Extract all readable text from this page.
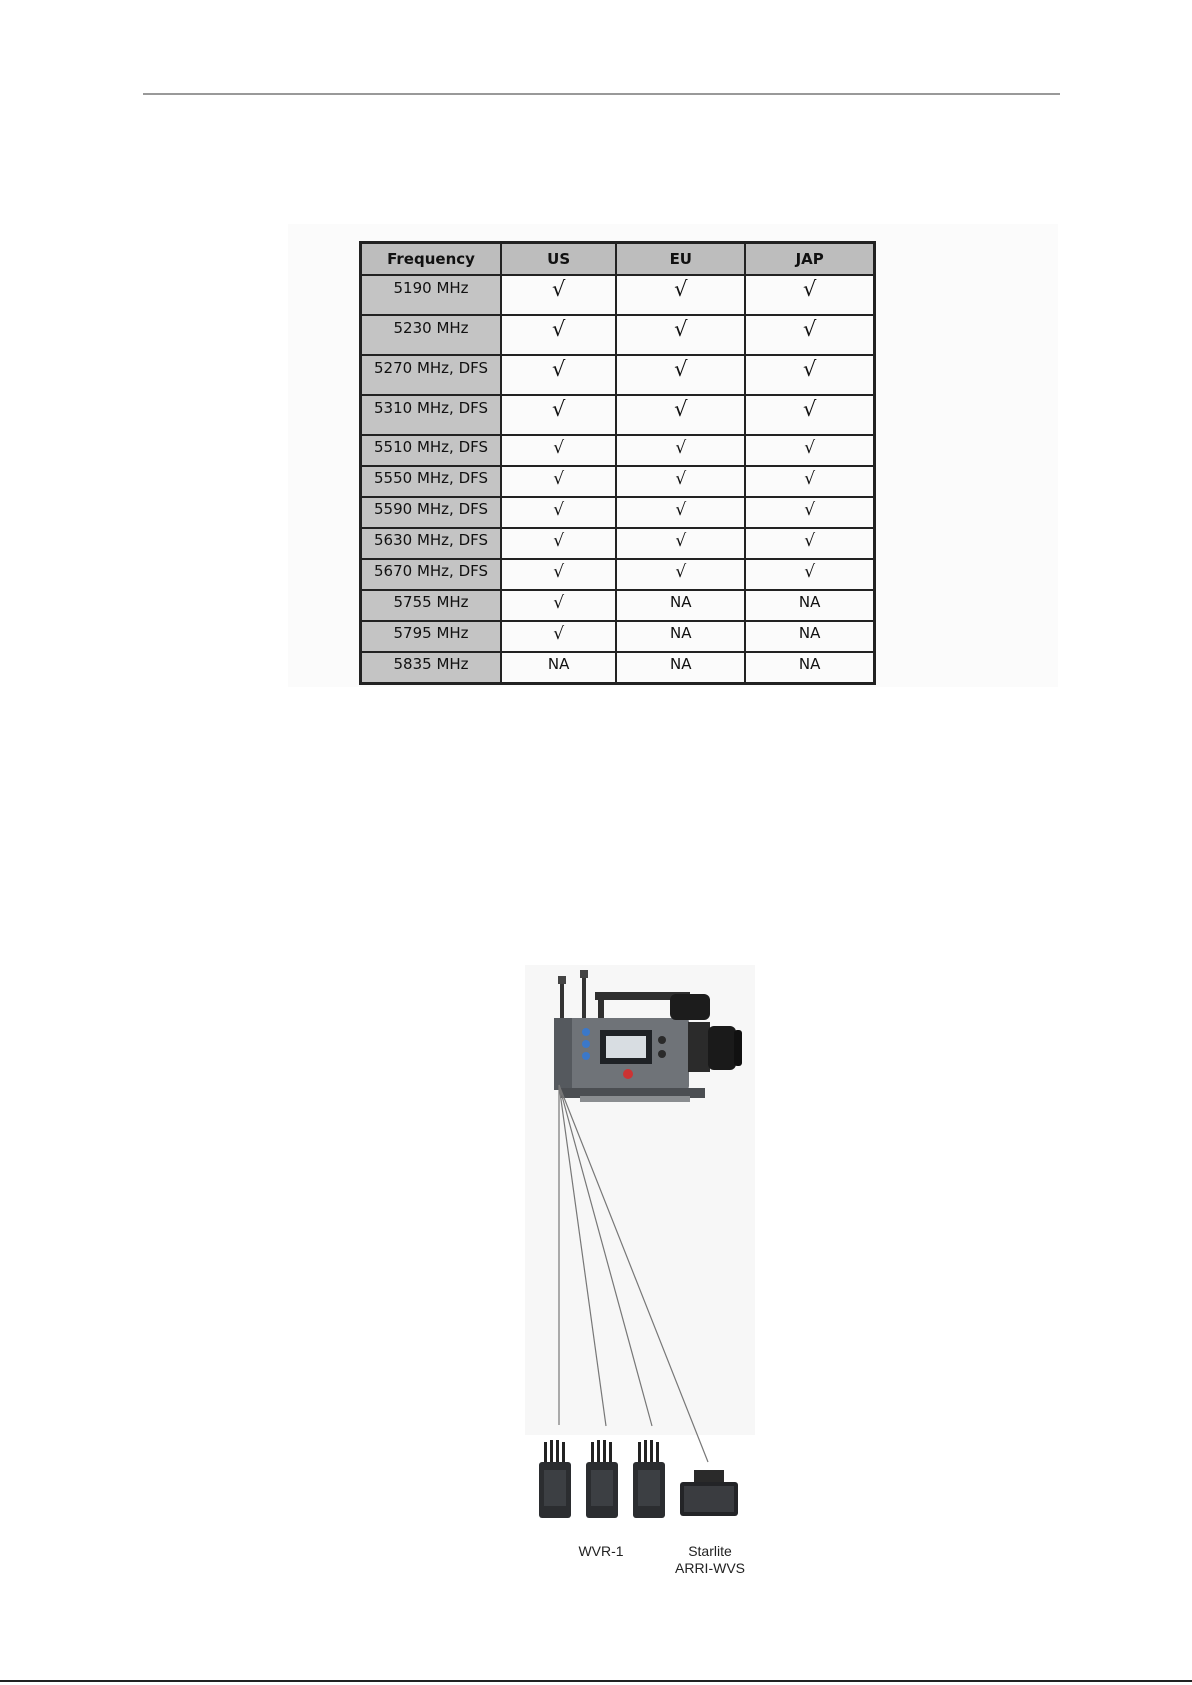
Frequency	US	EU	JAP
5190 MHz	√	√	√
5230 MHz	√	√	√
5270 MHz, DFS	√	√	√
5310 MHz, DFS	√	√	√
5510 MHz, DFS	√	√	√
5550 MHz, DFS	√	√	√
5590 MHz, DFS	√	√	√
5630 MHz, DFS	√	√	√
5670 MHz, DFS	√	√	√
5755 MHz	√	NA	NA
5795 MHz	√	NA	NA
5835 MHz	NA	NA	NA
WVR-1	Starlite
ARRI-WVS
